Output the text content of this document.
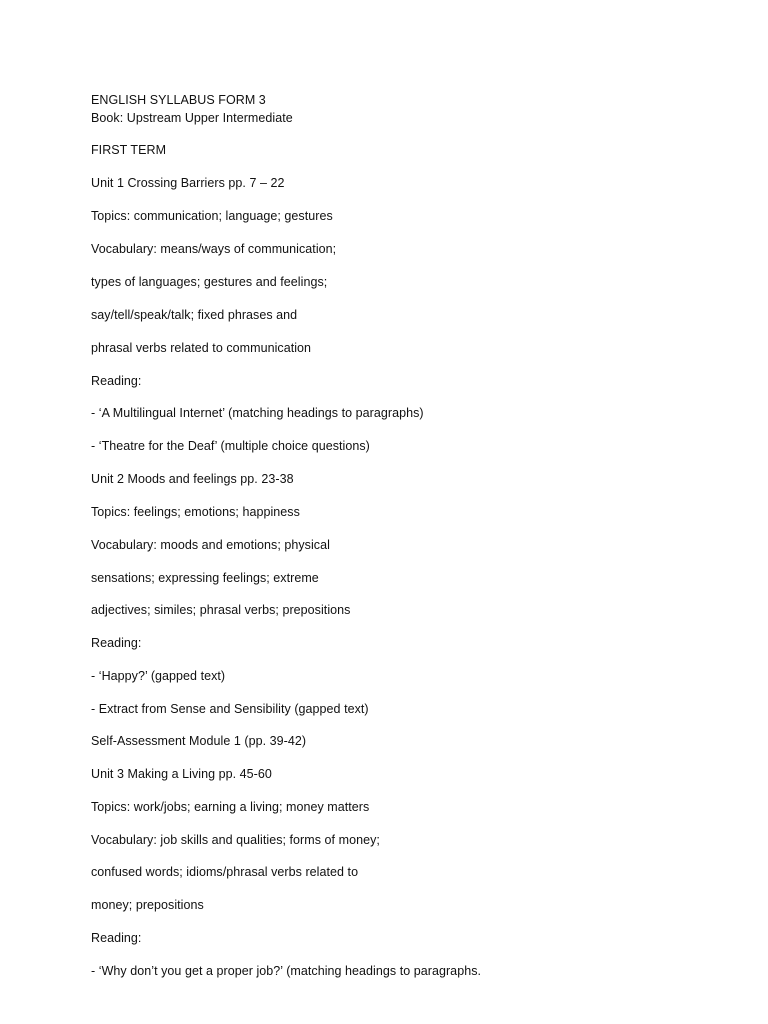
ENGLISH SYLLABUS FORM 3
Book: Upstream Upper Intermediate
FIRST TERM
Unit 1 Crossing Barriers pp. 7 – 22
Topics: communication; language; gestures
Vocabulary: means/ways of communication;
types of languages; gestures and feelings;
say/tell/speak/talk; fixed phrases and
phrasal verbs related to communication
Reading:
- ‘A Multilingual Internet’ (matching headings to paragraphs)
- ‘Theatre for the Deaf’ (multiple choice questions)
Unit 2 Moods and feelings pp. 23-38
Topics: feelings; emotions; happiness
Vocabulary: moods and emotions; physical
sensations; expressing feelings; extreme
adjectives; similes; phrasal verbs; prepositions
Reading:
- ‘Happy?’ (gapped text)
- Extract from Sense and Sensibility (gapped text)
Self-Assessment Module 1 (pp. 39-42)
Unit 3 Making a Living pp. 45-60
Topics: work/jobs; earning a living; money matters
Vocabulary: job skills and qualities; forms of money;
confused words; idioms/phrasal verbs related to
money; prepositions
Reading:
- ‘Why don’t you get a proper job?’ (matching headings to paragraphs.
